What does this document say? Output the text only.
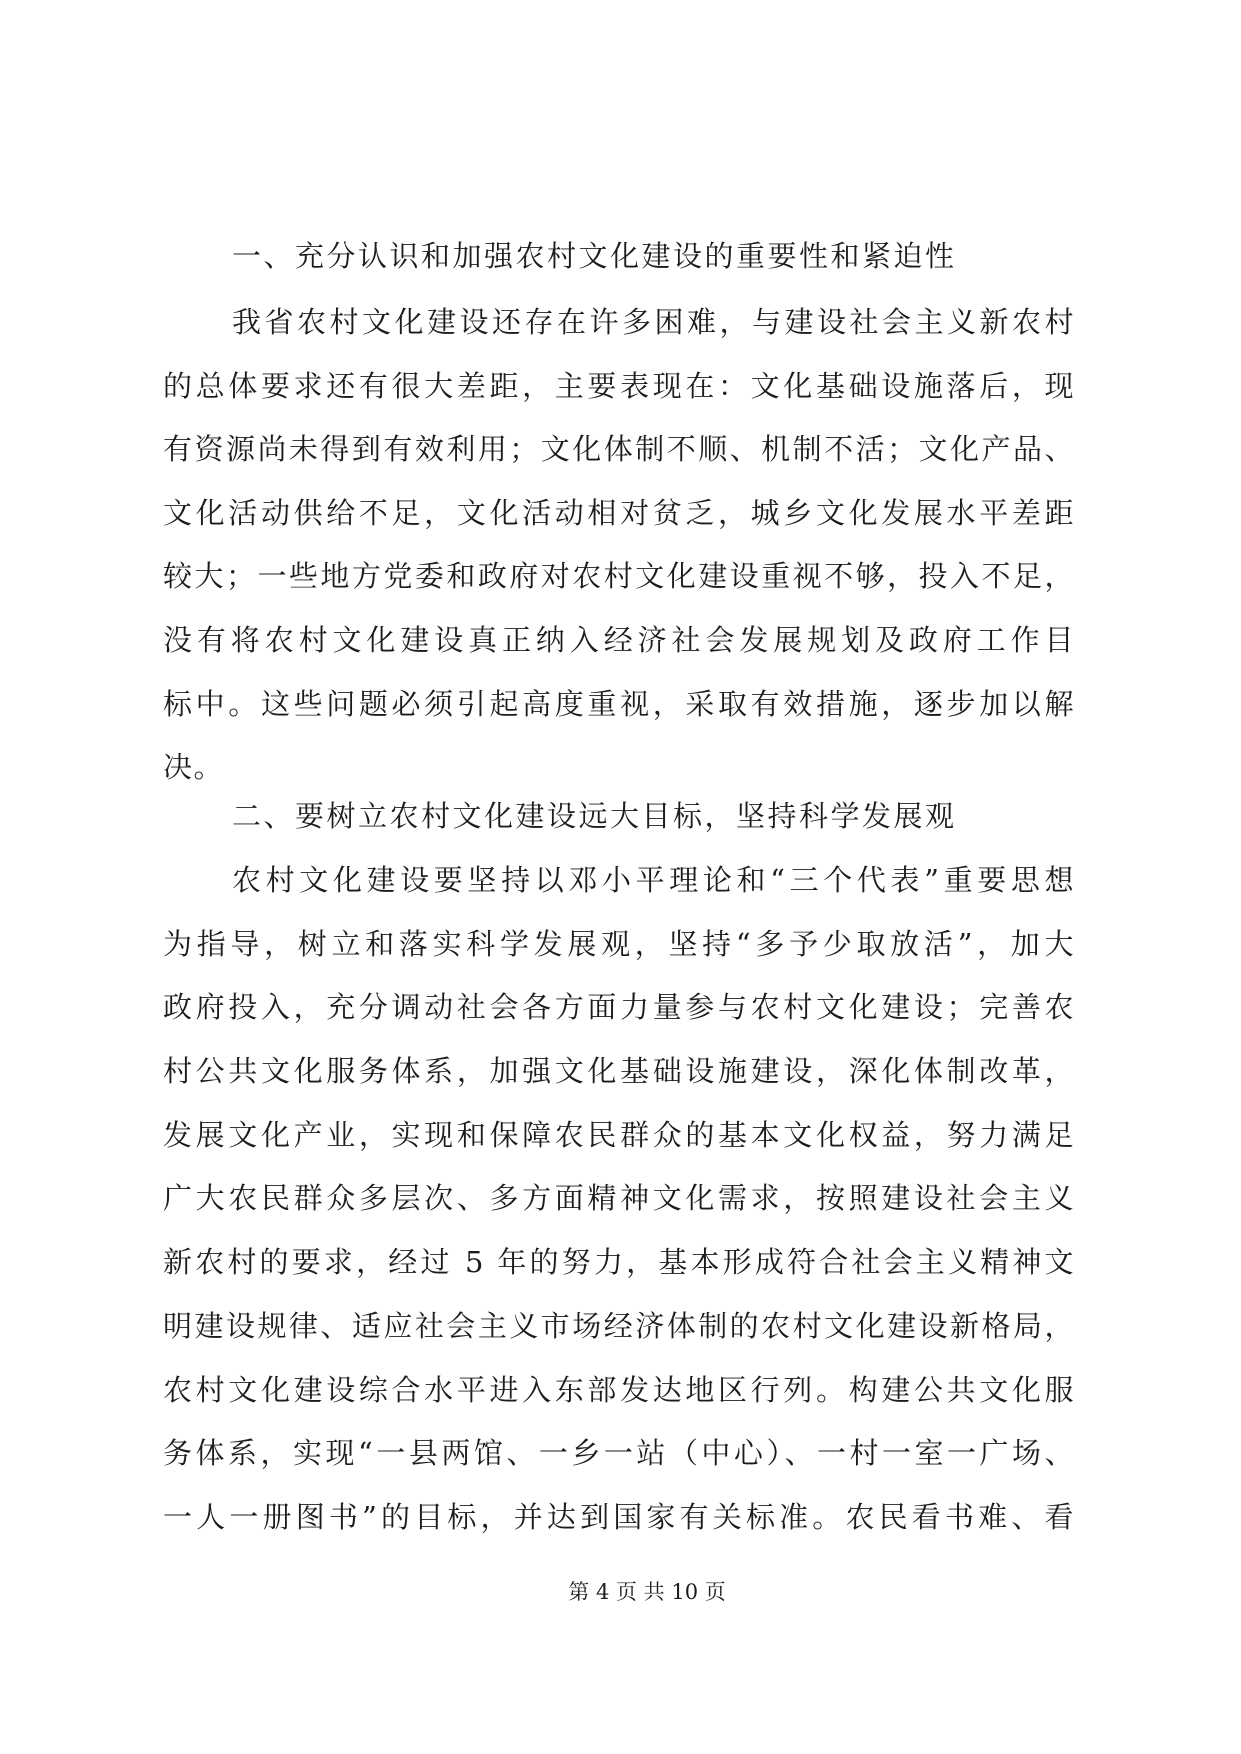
一、充分认识和加强农村文化建设的重要性和紧迫性
我省农村文化建设还存在许多困难，与建设社会主义新农村
的总体要求还有很大差距，主要表现在：文化基础设施落后，现
有资源尚未得到有效利用；文化体制不顺、机制不活；文化产品、
文化活动供给不足，文化活动相对贫乏，城乡文化发展水平差距
较大；一些地方党委和政府对农村文化建设重视不够，投入不足，
没有将农村文化建设真正纳入经济社会发展规划及政府工作目
标中。这些问题必须引起高度重视，采取有效措施，逐步加以解
决。
二、要树立农村文化建设远大目标，坚持科学发展观
农村文化建设要坚持以邓小平理论和“三个代表”重要思想
为指导，树立和落实科学发展观，坚持“多予少取放活”，加大
政府投入，充分调动社会各方面力量参与农村文化建设；完善农
村公共文化服务体系，加强文化基础设施建设，深化体制改革，
发展文化产业，实现和保障农民群众的基本文化权益，努力满足
广大农民群众多层次、多方面精神文化需求，按照建设社会主义
新农村的要求，经过 5 年的努力，基本形成符合社会主义精神文
明建设规律、适应社会主义市场经济体制的农村文化建设新格局，
农村文化建设综合水平进入东部发达地区行列。构建公共文化服
务体系，实现“一县两馆、一乡一站（中心）、一村一室一广场、
一人一册图书”的目标，并达到国家有关标准。农民看书难、看
第 4 页 共 10 页
